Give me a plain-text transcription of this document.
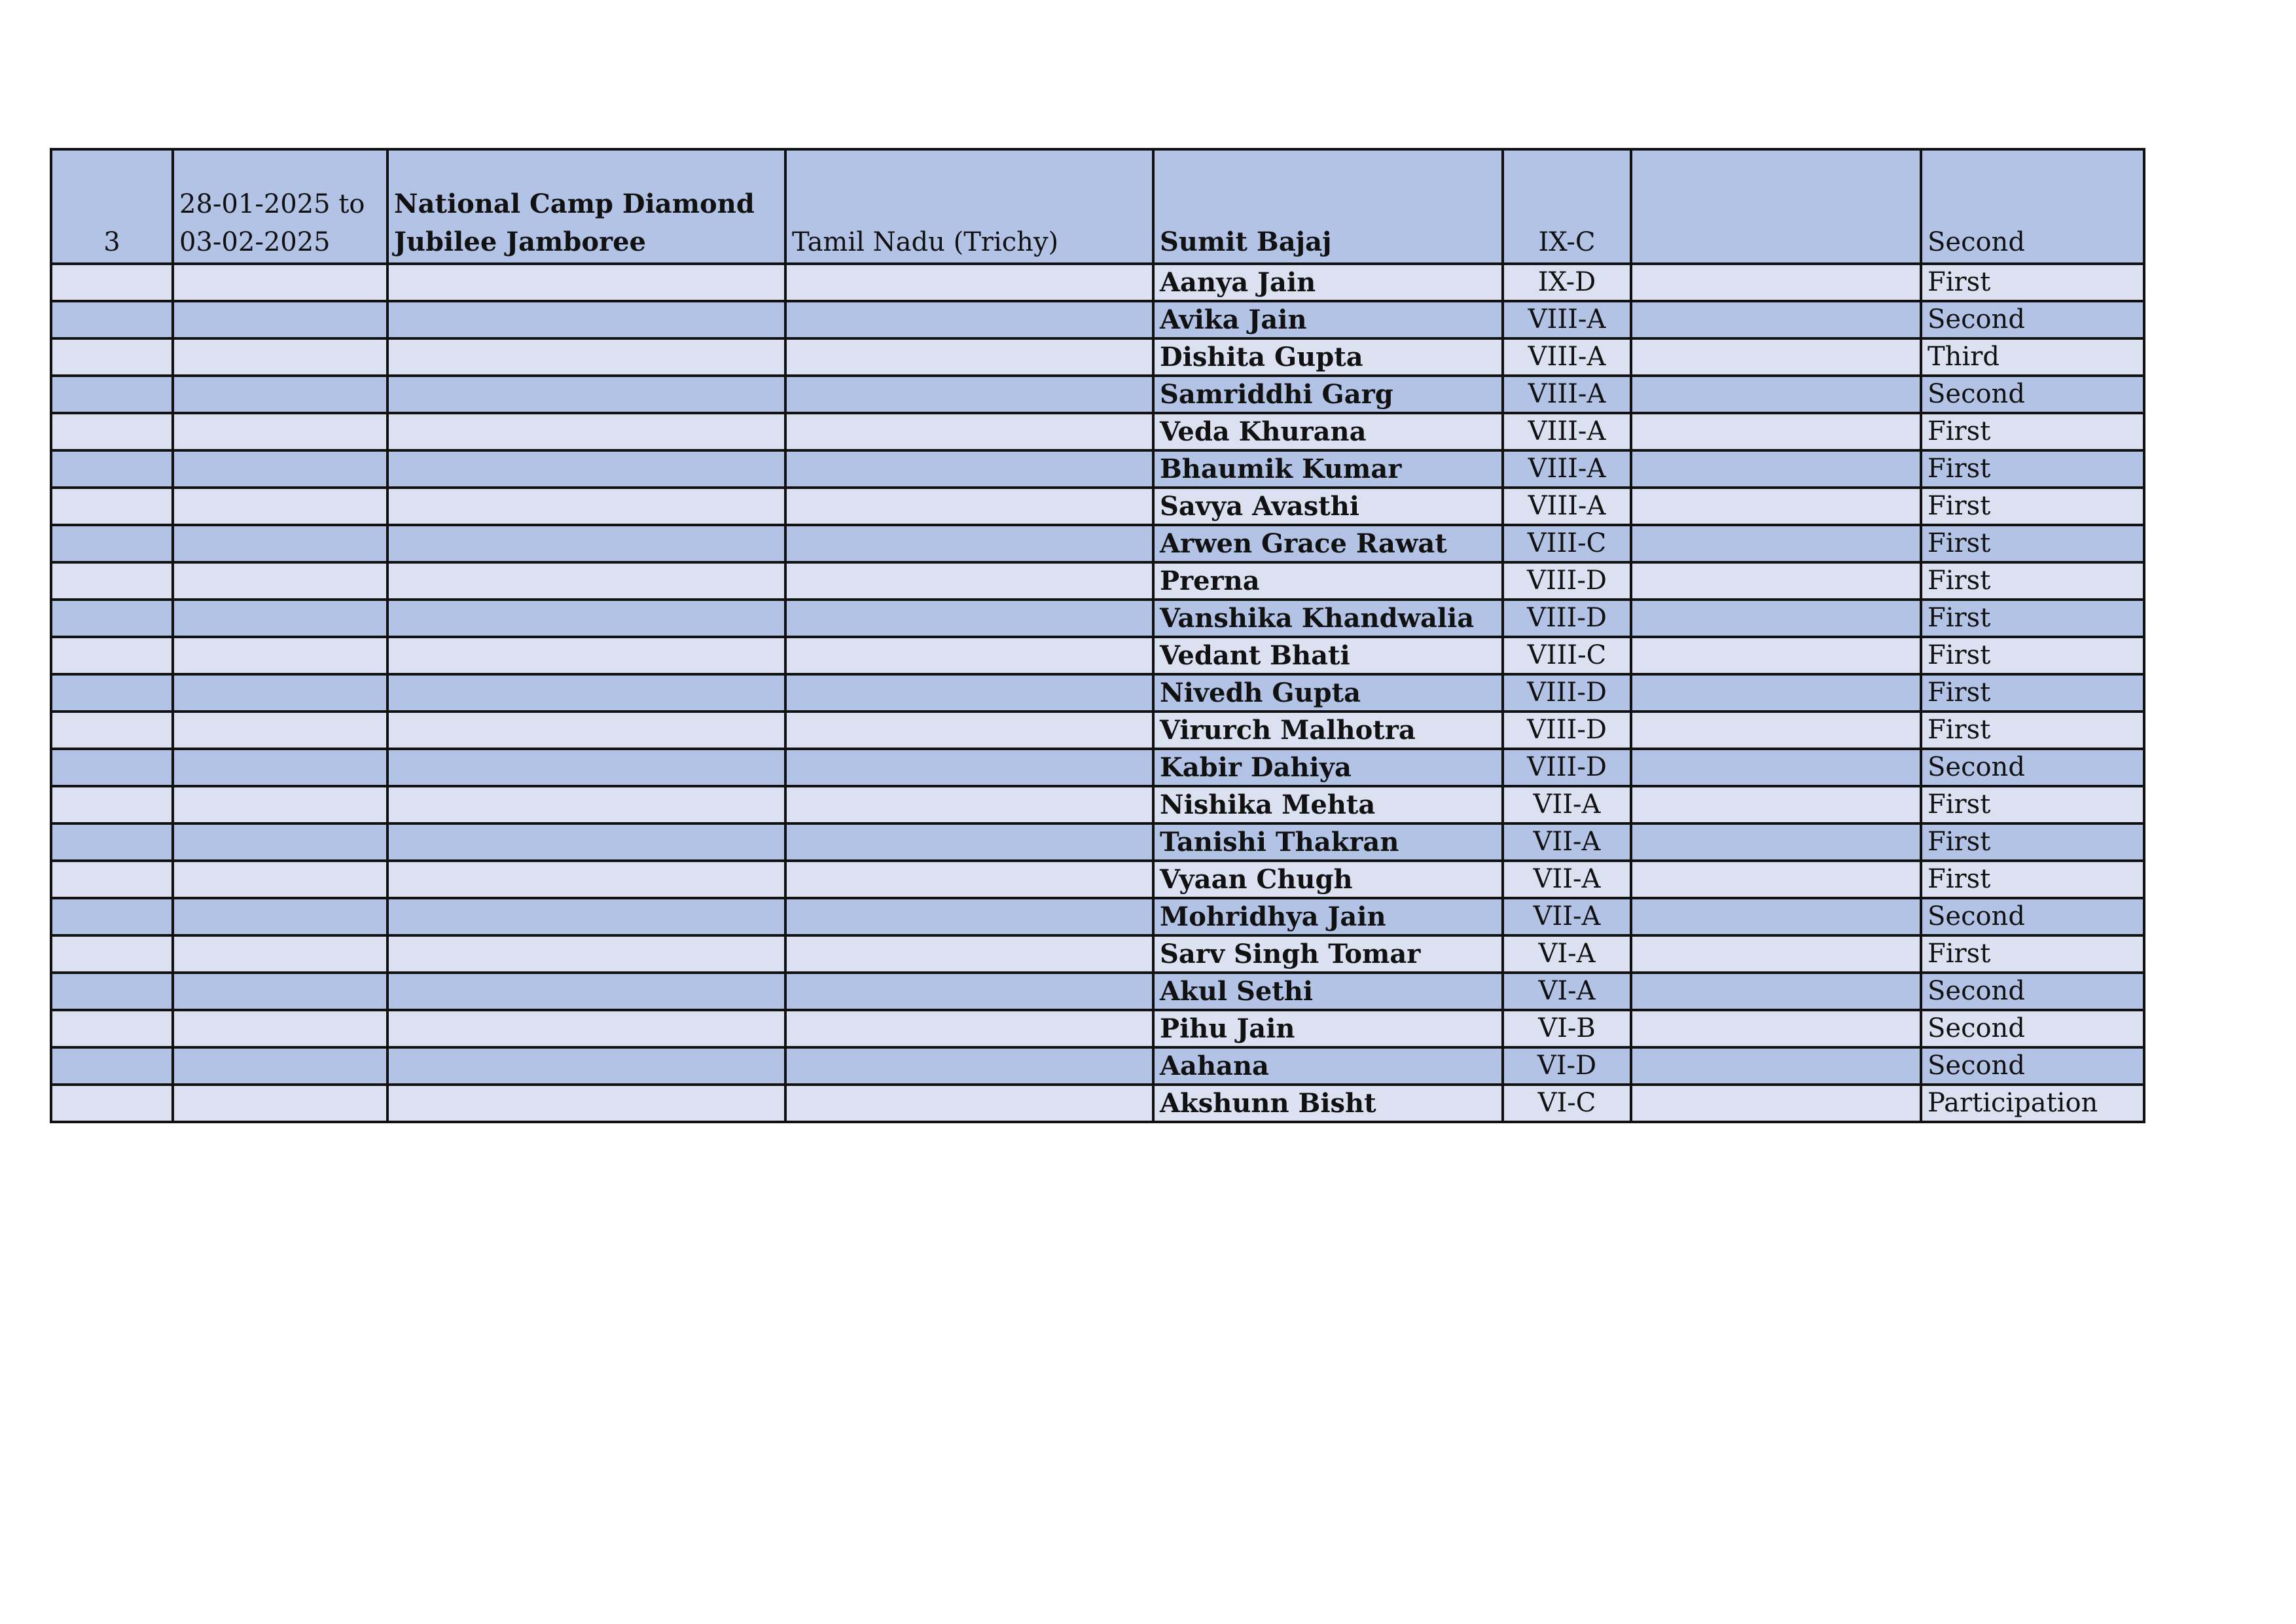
3	28-01-2025 to 03-02-2025	National Camp Diamond Jubilee Jamboree	Tamil Nadu (Trichy)	Sumit Bajaj	IX-C		Second
				Aanya Jain	IX-D		First
				Avika Jain	VIII-A		Second
				Dishita Gupta	VIII-A		Third
				Samriddhi Garg	VIII-A		Second
				Veda Khurana	VIII-A		First
				Bhaumik Kumar	VIII-A		First
				Savya Avasthi	VIII-A		First
				Arwen Grace Rawat	VIII-C		First
				Prerna	VIII-D		First
				Vanshika Khandwalia	VIII-D		First
				Vedant Bhati	VIII-C		First
				Nivedh Gupta	VIII-D		First
				Virurch Malhotra	VIII-D		First
				Kabir Dahiya	VIII-D		Second
				Nishika Mehta	VII-A		First
				Tanishi Thakran	VII-A		First
				Vyaan Chugh	VII-A		First
				Mohridhya Jain	VII-A		Second
				Sarv Singh Tomar	VI-A		First
				Akul Sethi	VI-A		Second
				Pihu Jain	VI-B		Second
				Aahana	VI-D		Second
				Akshunn Bisht	VI-C		Participation
